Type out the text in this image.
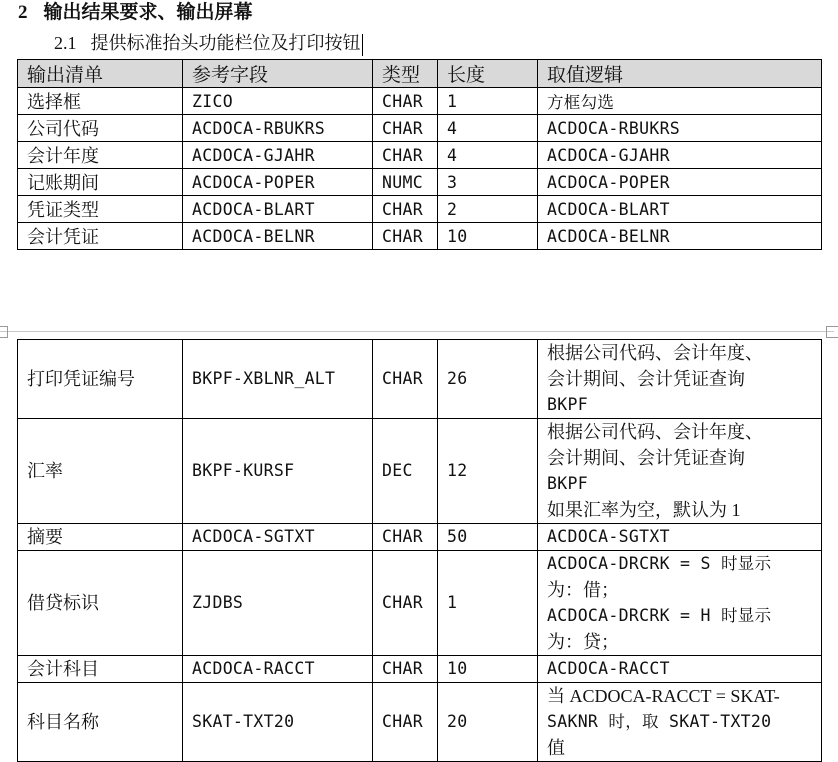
2 输出结果要求、输出屏幕
2.1 提供标准抬头功能栏位及打印按钮
输出清单	参考字段	类型	长度	取值逻辑
选择框	ZICO	CHAR	1	方框勾选
公司代码	ACDOCA-RBUKRS	CHAR	4	ACDOCA-RBUKRS
会计年度	ACDOCA-GJAHR	CHAR	4	ACDOCA-GJAHR
记账期间	ACDOCA-POPER	NUMC	3	ACDOCA-POPER
凭证类型	ACDOCA-BLART	CHAR	2	ACDOCA-BLART
会计凭证	ACDOCA-BELNR	CHAR	10	ACDOCA-BELNR
打印凭证编号	BKPF-XBLNR_ALT	CHAR	26	根据公司代码、会计年度、
会计期间、会计凭证查询
BKPF

汇率	BKPF-KURSF	DEC	12	根据公司代码、会计年度、
会计期间、会计凭证查询
BKPF
如果汇率为空，默认为 1

摘要	ACDOCA-SGTXT	CHAR	50	ACDOCA-SGTXT

借贷标识	ZJDBS	CHAR	1	ACDOCA-DRCRK = S 时显示
为：借；
ACDOCA-DRCRK = H 时显示
为：贷；

会计科目	ACDOCA-RACCT	CHAR	10	ACDOCA-RACCT

科目名称	SKAT-TXT20	CHAR	20	当 ACDOCA-RACCT = SKAT-
SAKNR 时，取 SKAT-TXT20
值
